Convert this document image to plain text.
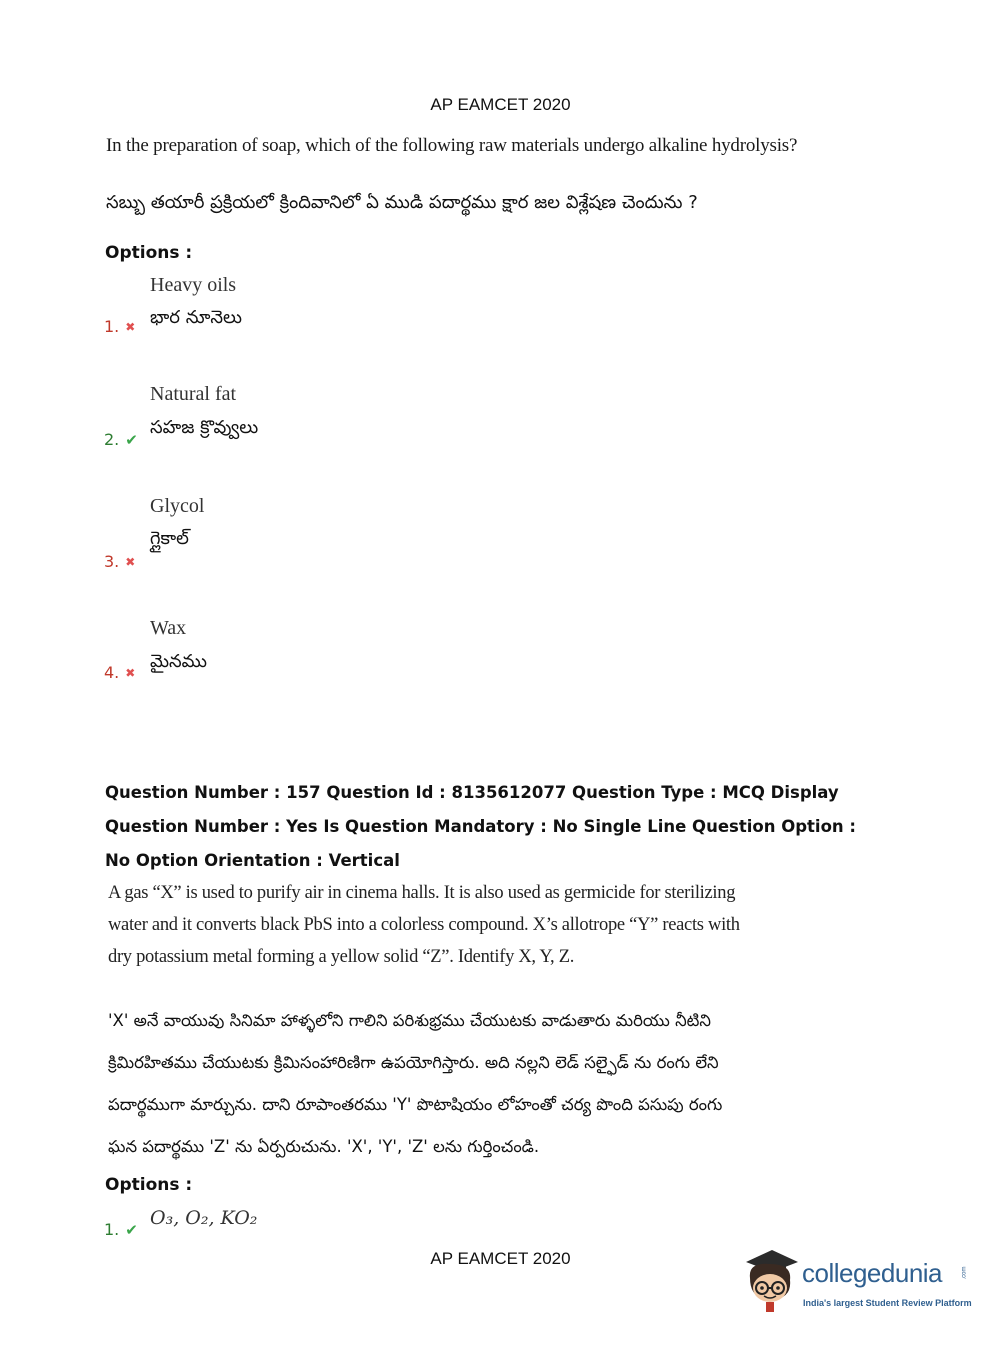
AP EAMCET 2020
In the preparation of soap, which of the following raw materials undergo alkaline hydrolysis?
సబ్బు తయారీ ప్రక్రియలో క్రిందివానిలో ఏ ముడి పదార్థము క్షార జల విశ్లేషణ చెందును ?
Options :
Heavy oils
భార నూనెలు
1. ✖
Natural fat
సహజ క్రొవ్వులు
2. ✔
Glycol
గ్లైకాల్
3. ✖
Wax
మైనము
4. ✖
Question Number : 157 Question Id : 8135612077 Question Type : MCQ Display Question Number : Yes Is Question Mandatory : No Single Line Question Option : No Option Orientation : Vertical
A gas “X” is used to purify air in cinema halls. It is also used as germicide for sterilizing water and it converts black PbS into a colorless compound. X’s allotrope “Y” reacts with dry potassium metal forming a yellow solid “Z”. Identify X, Y, Z.
'X' అనే వాయువు సినిమా హాళ్ళలోని గాలిని పరిశుభ్రము చేయుటకు వాడుతారు మరియు నీటిని క్రిమిరహితము చేయుటకు క్రిమిసంహారిణిగా ఉపయోగిస్తారు. అది నల్లని లెడ్ సల్ఫైడ్ ను రంగు లేని పదార్థముగా మార్చును. దాని రూపాంతరము 'Y' పొటాషియం లోహంతో చర్య పొంది పసుపు రంగు ఘన పదార్థము 'Z' ను ఏర్పరుచును. 'X', 'Y', 'Z' లను గుర్తించండి.
Options :
O₃, O₂, KO₂
1. ✔
AP EAMCET 2020	collegedunia	.com
India's largest Student Review Platform
